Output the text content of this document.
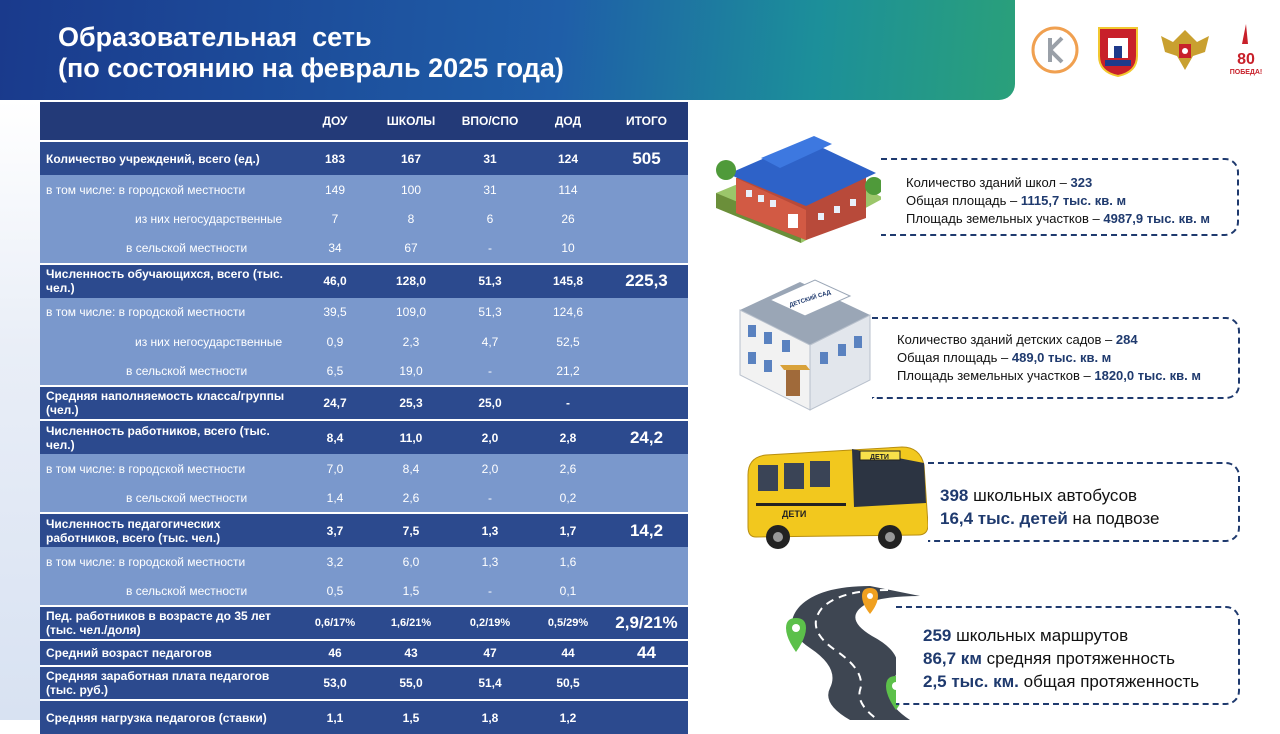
Образовательная  сеть
(по состоянию на февраль 2025 года)	80
ПОБЕДА!
	ДОУ	ШКОЛЫ	ВПО/СПО	ДОД	ИТОГО
Количество учреждений, всего (ед.)	183	167	31	124	505
в том числе: в городской местности	149	100	31	114	
из них негосударственные	7	8	6	26	
в сельской местности	34	67	-	10	
Численность обучающихся, всего (тыс. чел.)	46,0	128,0	51,3	145,8	225,3
в том числе: в городской местности	39,5	109,0	51,3	124,6	
из них негосударственные	0,9	2,3	4,7	52,5	
в сельской местности	6,5	19,0	-	21,2	
Средняя наполняемость класса/группы (чел.)	24,7	25,3	25,0	-	
Численность работников, всего (тыс. чел.)	8,4	11,0	2,0	2,8	24,2
в том числе: в городской местности	7,0	8,4	2,0	2,6	
в сельской местности	1,4	2,6	-	0,2	
Численность педагогических работников, всего (тыс. чел.)	3,7	7,5	1,3	1,7	14,2
в том числе: в городской местности	3,2	6,0	1,3	1,6	
в сельской местности	0,5	1,5	-	0,1	
Пед. работников в возрасте до 35 лет (тыс. чел./доля)	0,6/17%	1,6/21%	0,2/19%	0,5/29%	2,9/21%
Средний возраст педагогов	46	43	47	44	44
Средняя заработная плата педагогов (тыс. руб.)	53,0	55,0	51,4	50,5	
Средняя нагрузка педагогов (ставки)	1,1	1,5	1,8	1,2	
Количество зданий школ – 323
Общая площадь – 1115,7 тыс. кв. м
Площадь земельных участков – 4987,9 тыс. кв. м
ДЕТСКИЙ САД
Количество зданий детских садов – 284
Общая площадь – 489,0 тыс. кв. м
Площадь земельных участков – 1820,0 тыс. кв. м
ДЕТИ
ДЕТИ
398 школьных автобусов
16,4 тыс. детей на подвозе
259 школьных маршрутов
86,7 км средняя протяженность
2,5 тыс. км. общая протяженность
